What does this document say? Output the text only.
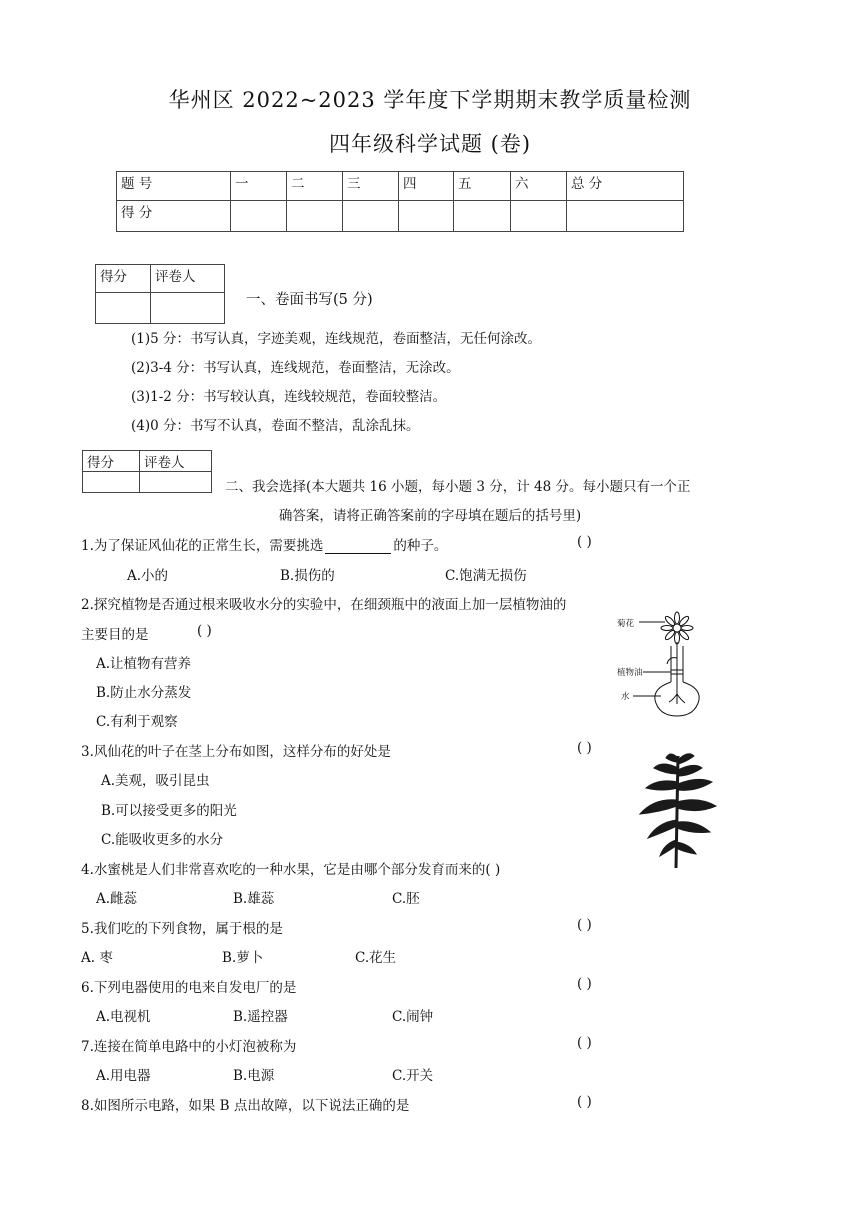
华州区 2022~2023 学年度下学期期末教学质量检测
四年级科学试题 (卷)
题 号	一	二	三	四	五	六	总 分
得 分							
得分	评卷人

一、卷面书写(5 分)
(1)5 分：书写认真，字迹美观，连线规范，卷面整洁，无任何涂改。
(2)3-4 分：书写认真，连线规范，卷面整洁，无涂改。
(3)1-2 分：书写较认真，连线较规范，卷面较整洁。
(4)0 分：书写不认真，卷面不整洁，乱涂乱抹。
得分	评卷人

二、我会选择(本大题共 16 小题，每小题 3 分，计 48 分。每小题只有一个正
确答案，请将正确答案前的字母填在题后的括号里)
1.为了保证风仙花的正常生长，需要挑选	的种子。	( )
A.小的	B.损伤的	C.饱满无损伤
2.探究植物是否通过根来吸收水分的实验中，在细颈瓶中的液面上加一层植物油的
主要目的是	( )
A.让植物有营养
B.防止水分蒸发
C.有利于观察
菊花
植物油
水
3.风仙花的叶子在茎上分布如图，这样分布的好处是	( )
A.美观，吸引昆虫
B.可以接受更多的阳光
C.能吸收更多的水分
4.水蜜桃是人们非常喜欢吃的一种水果，它是由哪个部分发育而来的( )
A.雌蕊	B.雄蕊	C.胚
5.我们吃的下列食物，属于根的是	( )
A. 枣	B.萝卜	C.花生
6.下列电器使用的电来自发电厂的是	( )
A.电视机	B.遥控器	C.闹钟
7.连接在简单电路中的小灯泡被称为	( )
A.用电器	B.电源	C.开关
8.如图所示电路，如果 B 点出故障，以下说法正确的是	( )
